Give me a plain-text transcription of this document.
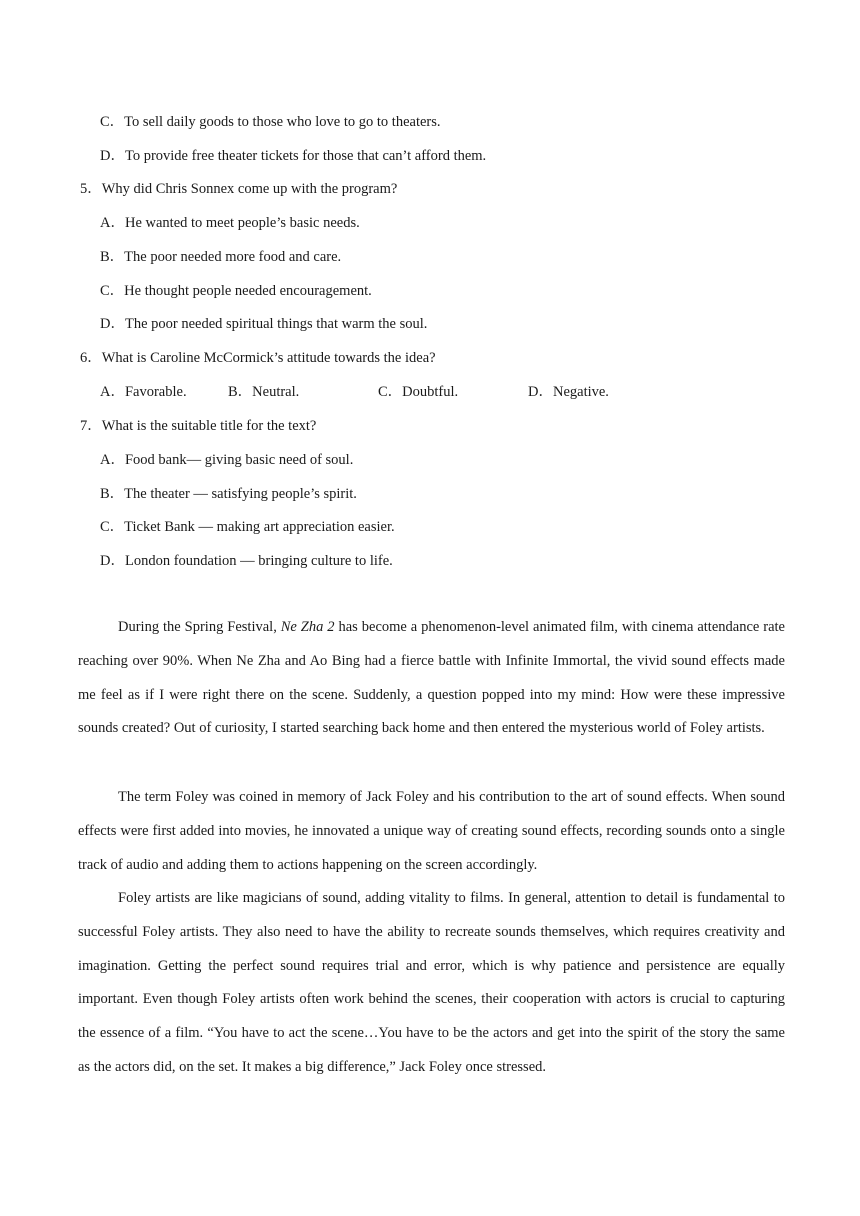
C．To sell daily goods to those who love to go to theaters.
D．To provide free theater tickets for those that can’t afford them.
5．Why did Chris Sonnex come up with the program?
A．He wanted to meet people’s basic needs.
B．The poor needed more food and care.
C．He thought people needed encouragement.
D．The poor needed spiritual things that warm the soul.
6．What is Caroline McCormick’s attitude towards the idea?
A．Favorable.	B．Neutral.	C．Doubtful.	D．Negative.
7．What is the suitable title for the text?
A．Food bank— giving basic need of soul.
B．The theater — satisfying people’s spirit.
C．Ticket Bank — making art appreciation easier.
D．London foundation — bringing culture to life.

During the Spring Festival, Ne Zha 2 has become a phenomenon-level animated film, with cinema attendance rate reaching over 90%. When Ne Zha and Ao Bing had a fierce battle with Infinite Immortal, the vivid sound effects made me feel as if I were right there on the scene. Suddenly, a question popped into my mind: How were these impressive sounds created? Out of curiosity, I started searching back home and then entered the mysterious world of Foley artists.

The term Foley was coined in memory of Jack Foley and his contribution to the art of sound effects. When sound effects were first added into movies, he innovated a unique way of creating sound effects, recording sounds onto a single track of audio and adding them to actions happening on the screen accordingly.

Foley artists are like magicians of sound, adding vitality to films. In general, attention to detail is fundamental to successful Foley artists. They also need to have the ability to recreate sounds themselves, which requires creativity and imagination. Getting the perfect sound requires trial and error, which is why patience and persistence are equally important. Even though Foley artists often work behind the scenes, their cooperation with actors is crucial to capturing the essence of a film. “You have to act the scene…You have to be the actors and get into the spirit of the story the same as the actors did, on the set. It makes a big difference,” Jack Foley once stressed.
